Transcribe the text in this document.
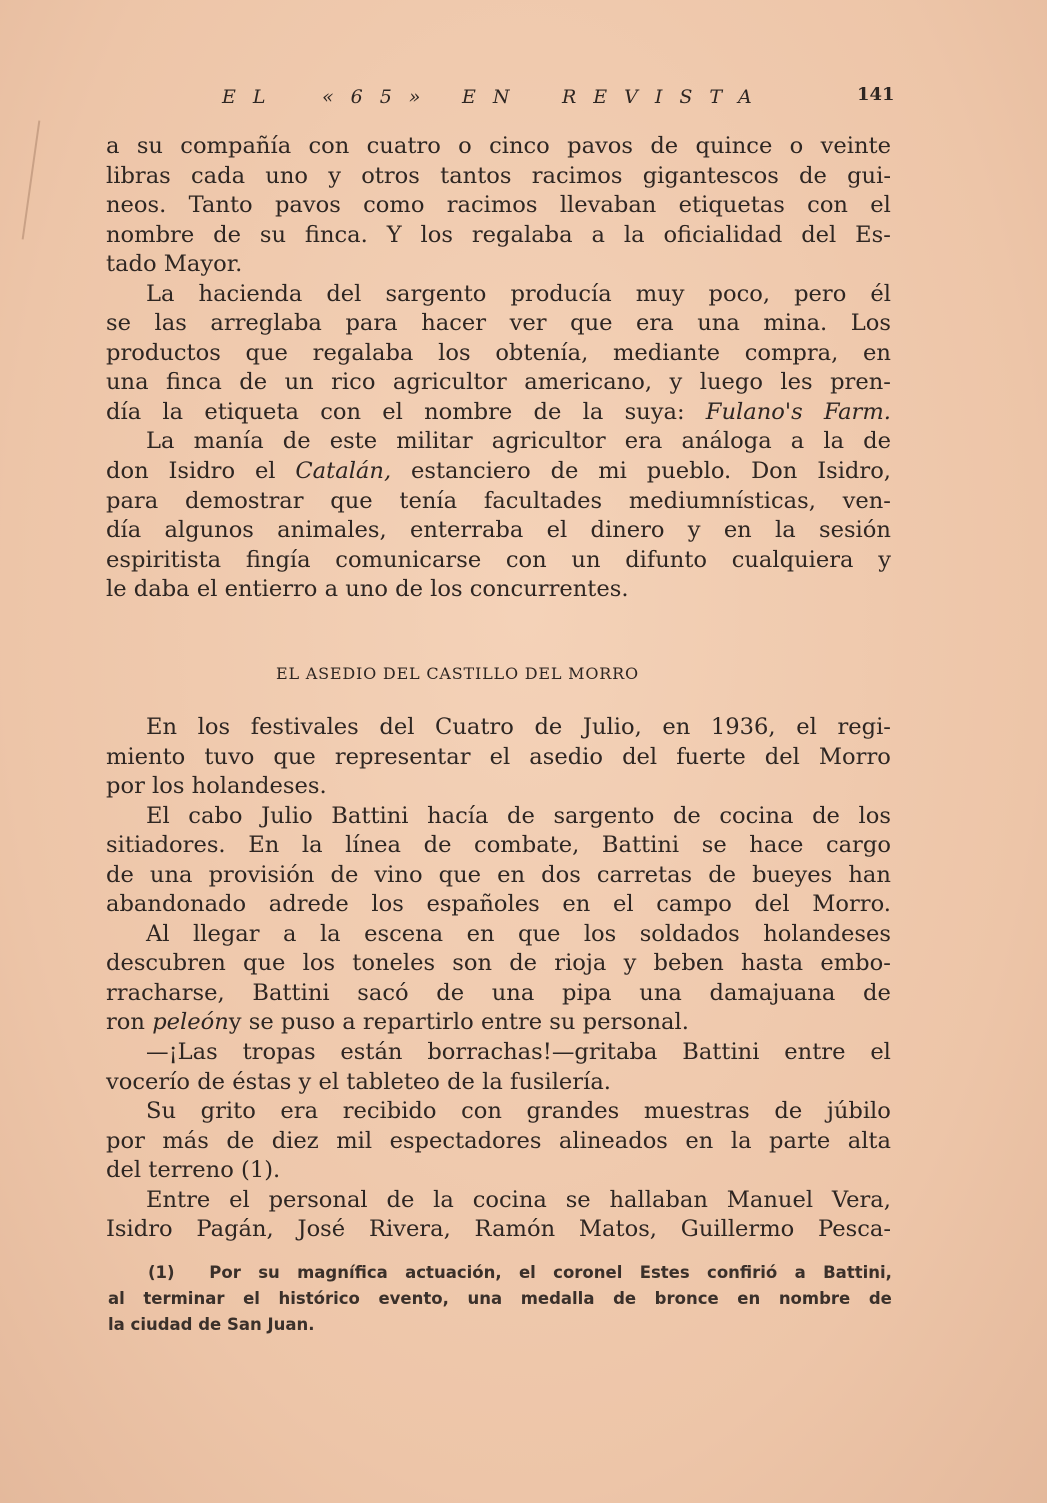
EL «65» EN REVISTA	141
a su compañía con cuatro o cinco pavos de quince o veinte
libras cada uno y otros tantos racimos gigantescos de gui-
neos. Tanto pavos como racimos llevaban etiquetas con el
nombre de su finca. Y los regalaba a la oficialidad del Es-
tado Mayor.
La hacienda del sargento producía muy poco, pero él
se las arreglaba para hacer ver que era una mina. Los
productos que regalaba los obtenía, mediante compra, en
una finca de un rico agricultor americano, y luego les pren-
día la etiqueta con el nombre de la suya: Fulano's Farm.
La manía de este militar agricultor era análoga a la de
don Isidro el Catalán, estanciero de mi pueblo. Don Isidro,
para demostrar que tenía facultades mediumnísticas, ven-
día algunos animales, enterraba el dinero y en la sesión
espiritista fingía comunicarse con un difunto cualquiera y
le daba el entierro a uno de los concurrentes.
EL ASEDIO DEL CASTILLO DEL MORRO
En los festivales del Cuatro de Julio, en 1936, el regi-
miento tuvo que representar el asedio del fuerte del Morro
por los holandeses.
El cabo Julio Battini hacía de sargento de cocina de los
sitiadores. En la línea de combate, Battini se hace cargo
de una provisión de vino que en dos carretas de bueyes han
abandonado adrede los españoles en el campo del Morro.
Al llegar a la escena en que los soldados holandeses
descubren que los toneles son de rioja y beben hasta embo-
rracharse, Battini sacó de una pipa una damajuana de
ron peleón y se puso a repartirlo entre su personal.
—¡Las tropas están borrachas!—gritaba Battini entre el
vocerío de éstas y el tableteo de la fusilería.
Su grito era recibido con grandes muestras de júbilo
por más de diez mil espectadores alineados en la parte alta
del terreno (1).
Entre el personal de la cocina se hallaban Manuel Vera,
Isidro Pagán, José Rivera, Ramón Matos, Guillermo Pesca-
(1) Por su magnífica actuación, el coronel Estes confirió a Battini,
al terminar el histórico evento, una medalla de bronce en nombre de
la ciudad de San Juan.
